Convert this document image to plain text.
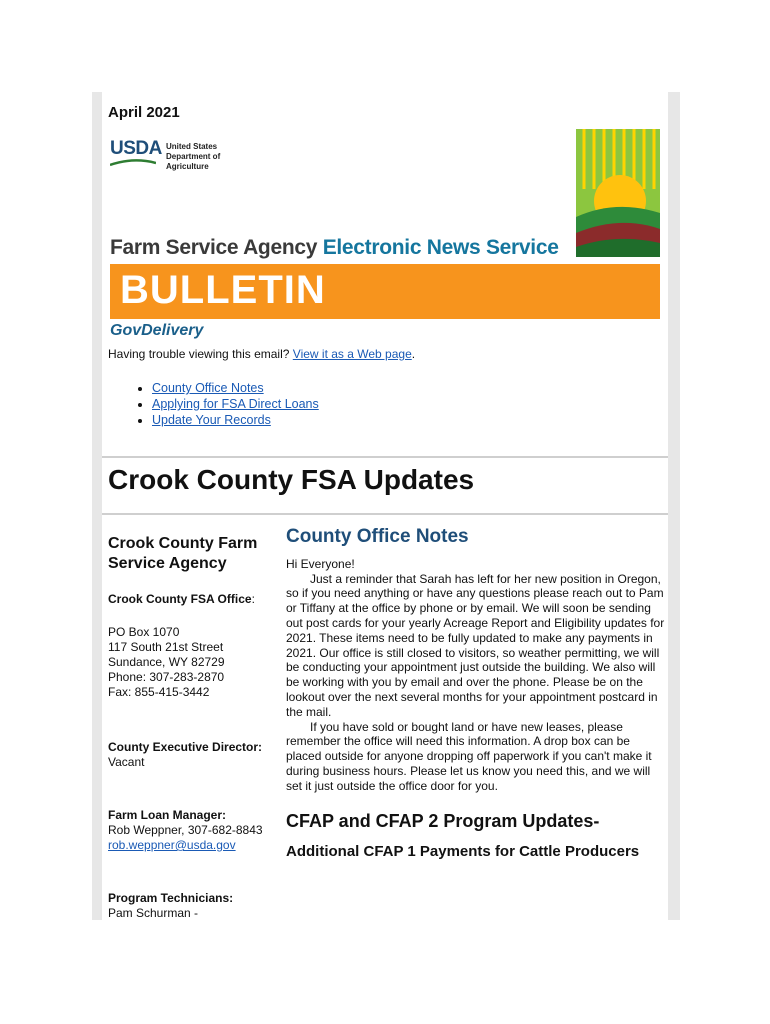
April 2021
USDA United States
Department of
Agriculture
Farm Service Agency Electronic News Service
BULLETIN
GovDelivery
Having trouble viewing this email? View it as a Web page.
• County Office Notes
• Applying for FSA Direct Loans
• Update Your Records
Crook County FSA Updates
Crook County Farm Service Agency
Crook County FSA Office:
PO Box 1070
117 South 21st Street
Sundance, WY 82729
Phone: 307-283-2870
Fax: 855-415-3442
County Executive Director:
Vacant
Farm Loan Manager:
Rob Weppner, 307-682-8843
rob.weppner@usda.gov
Program Technicians:
Pam Schurman -
County Office Notes

Hi Everyone!

Just a reminder that Sarah has left for her new position in Oregon, so if you need anything or have any questions please reach out to Pam or Tiffany at the office by phone or by email. We will soon be sending out post cards for your yearly Acreage Report and Eligibility updates for 2021. These items need to be fully updated to make any payments in 2021. Our office is still closed to visitors, so weather permitting, we will be conducting your appointment just outside the building. We also will be working with you by email and over the phone. Please be on the lookout over the next several months for your appointment postcard in the mail.

If you have sold or bought land or have new leases, please remember the office will need this information. A drop box can be placed outside for anyone dropping off paperwork if you can't make it during business hours. Please let us know you need this, and we will set it just outside the office door for you.

CFAP and CFAP 2 Program Updates-
Additional CFAP 1 Payments for Cattle Producers
